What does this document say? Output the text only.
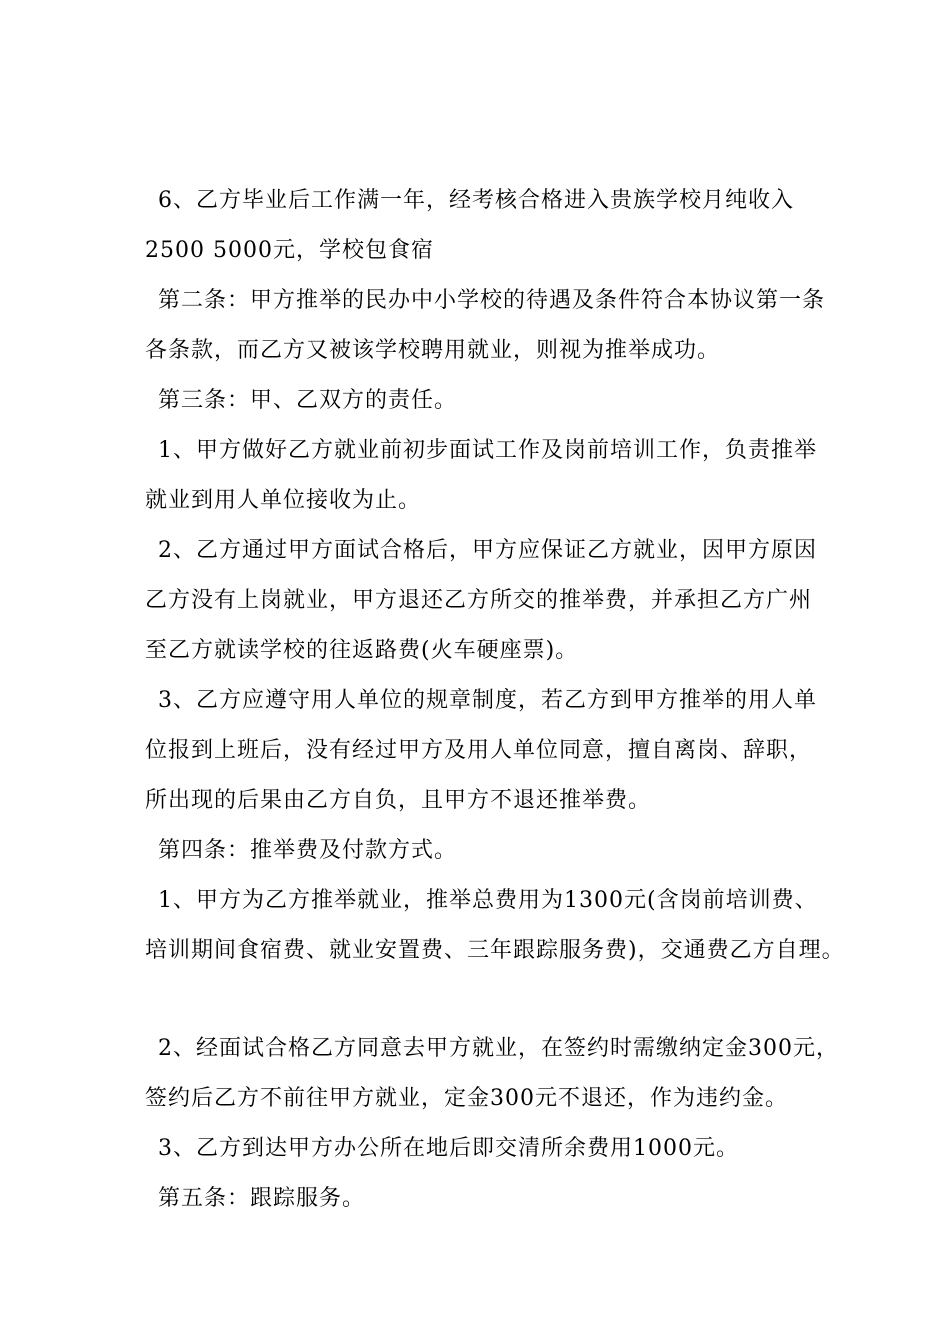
6、乙方毕业后工作满一年，经考核合格进入贵族学校月纯收入
2500 5000元，学校包食宿
第二条：甲方推举的民办中小学校的待遇及条件符合本协议第一条
各条款，而乙方又被该学校聘用就业，则视为推举成功。
第三条：甲、乙双方的责任。
1、甲方做好乙方就业前初步面试工作及岗前培训工作，负责推举
就业到用人单位接收为止。
2、乙方通过甲方面试合格后，甲方应保证乙方就业，因甲方原因
乙方没有上岗就业，甲方退还乙方所交的推举费，并承担乙方广州
至乙方就读学校的往返路费(火车硬座票)。
3、乙方应遵守用人单位的规章制度，若乙方到甲方推举的用人单
位报到上班后，没有经过甲方及用人单位同意，擅自离岗、辞职，
所出现的后果由乙方自负，且甲方不退还推举费。
第四条：推举费及付款方式。
1、甲方为乙方推举就业，推举总费用为1300元(含岗前培训费、
培训期间食宿费、就业安置费、三年跟踪服务费)，交通费乙方自理。
2、经面试合格乙方同意去甲方就业，在签约时需缴纳定金300元，
签约后乙方不前往甲方就业，定金300元不退还，作为违约金。
3、乙方到达甲方办公所在地后即交清所余费用1000元。
第五条：跟踪服务。
